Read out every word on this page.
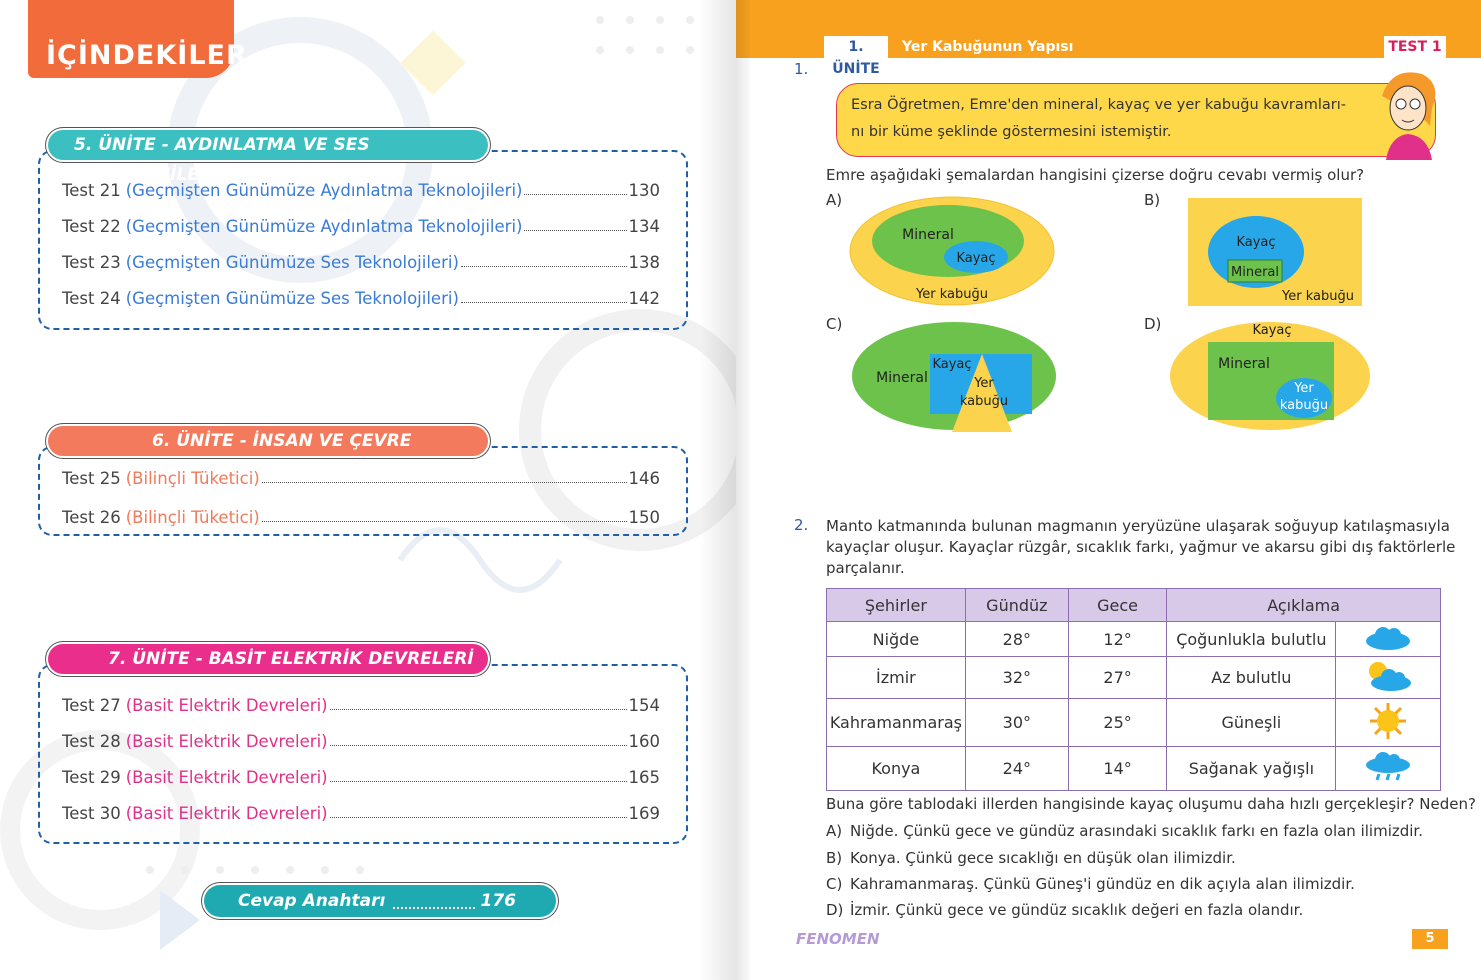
İÇİNDEKİLER
5. ÜNİTE - AYDINLATMA VE SES TEKNOLOJİLERİ
Test 21 (Geçmişten Günümüze Aydınlatma Teknolojileri)	130
Test 22 (Geçmişten Günümüze Aydınlatma Teknolojileri)	134
Test 23 (Geçmişten Günümüze Ses Teknolojileri)	138
Test 24 (Geçmişten Günümüze Ses Teknolojileri)	142
6. ÜNİTE - İNSAN VE ÇEVRE
Test 25 (Bilinçli Tüketici)	146
Test 26 (Bilinçli Tüketici)	150
7. ÜNİTE - BASİT ELEKTRİK DEVRELERİ
Test 27 (Basit Elektrik Devreleri)	154
Test 28 (Basit Elektrik Devreleri)	160
Test 29 (Basit Elektrik Devreleri)	165
Test 30 (Basit Elektrik Devreleri)	169
Cevap Anahtarı	176
1. ÜNİTE
Yer Kabuğunun Yapısı	TEST 1
1.
Esra Öğretmen, Emre'den mineral, kayaç ve yer kabuğu kavramları-
nı bir küme şeklinde göstermesini istemiştir.
Emre aşağıdaki şemalardan hangisini çizerse doğru cevabı vermiş olur?
A)
Mineral
Kayaç
Yer kabuğu
B)
Kayaç
Mineral
Yer kabuğu
C)
Mineral
Kayaç
Yer
kabuğu
D)	Kayaç
Mineral
Yer
kabuğu
2. Manto katmanında bulunan magmanın yeryüzüne ulaşarak soğuyup katılaşmasıyla
kayaçlar oluşur. Kayaçlar rüzgâr, sıcaklık farkı, yağmur ve akarsu gibi dış faktörlerle
parçalanır.
Şehirler	Gündüz	Gece	Açıklama	
Niğde	28°	12°	Çoğunlukla bulutlu	
İzmir	32°	27°	Az bulutlu	
Kahramanmaraş	30°	25°	Güneşli	
Konya	24°	14°	Sağanak yağışlı	
Buna göre tablodaki illerden hangisinde kayaç oluşumu daha hızlı gerçekleşir? Neden?
A) Niğde. Çünkü gece ve gündüz arasındaki sıcaklık farkı en fazla olan ilimizdir.
B) Konya. Çünkü gece sıcaklığı en düşük olan ilimizdir.
C) Kahramanmaraş. Çünkü Güneş'i gündüz en dik açıyla alan ilimizdir.
D) İzmir. Çünkü gece ve gündüz sıcaklık değeri en fazla olandır.
FENOMEN	5
